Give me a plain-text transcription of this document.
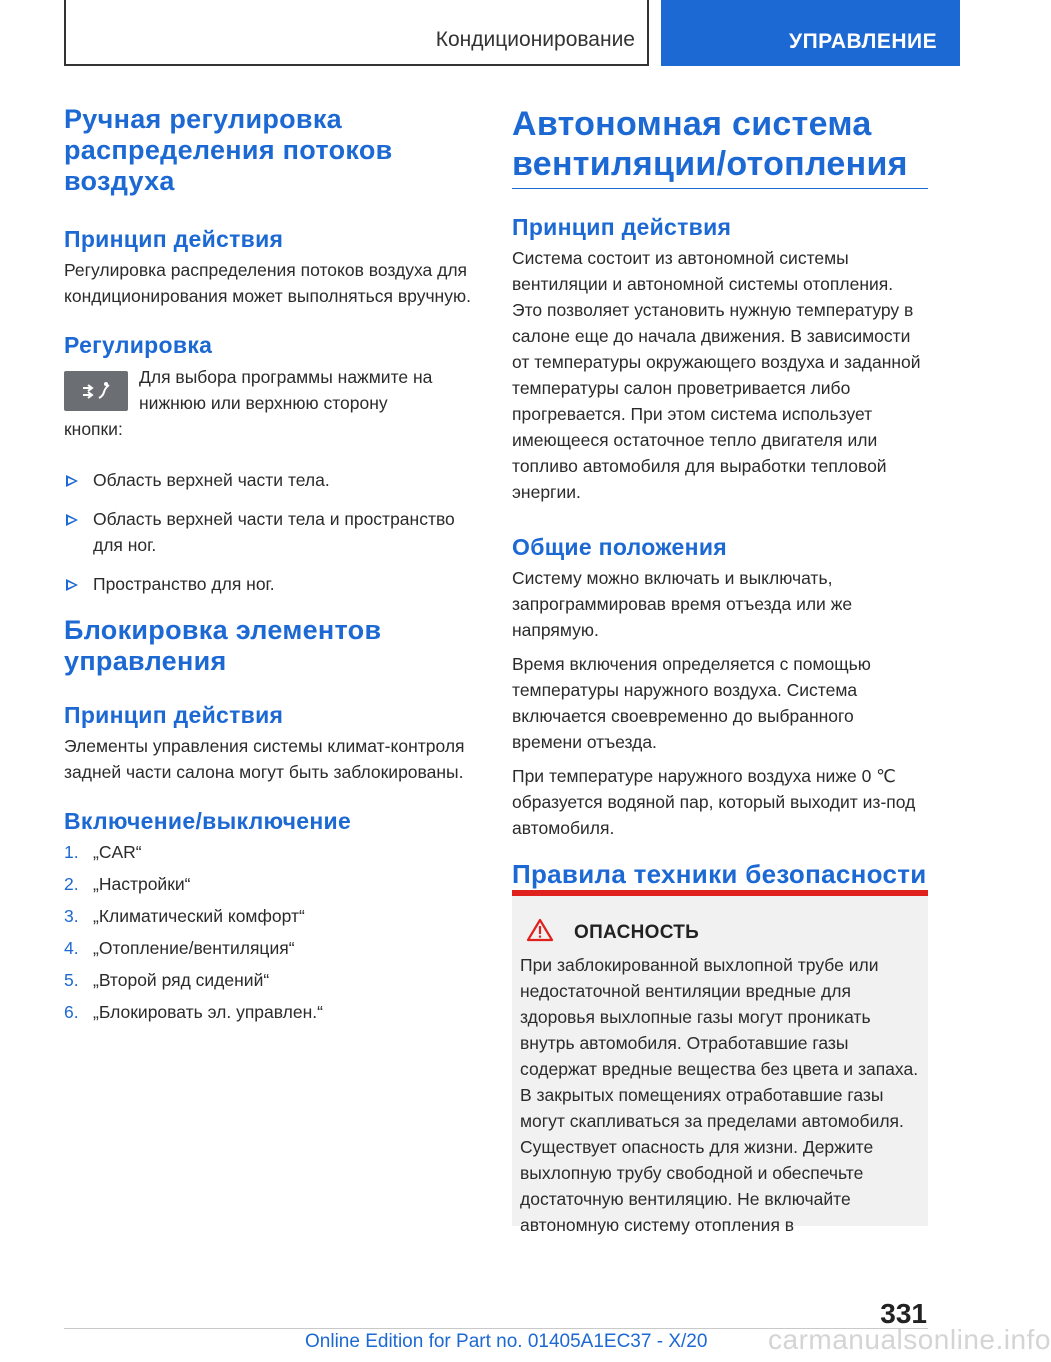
Кондиционирование	УПРАВЛЕНИЕ
Ручная регулировка распределения потоков воздуха
Принцип действия

Регулировка распределения потоков воздуха для кондиционирования может выполняться вручную.

Регулировка

Для выбора программы нажмите на

нижнюю или верхнюю сторону

кнопки:

Область верхней части тела.
Область верхней части тела и пространство для ног.
Пространство для ног.
Блокировка элементов управления
Принцип действия

Элементы управления системы климат-контроля задней части салона могут быть заблокированы.

Включение/выключение
1. „CAR“
2. „Настройки“
3. „Климатический комфорт“
4. „Отопление/вентиляция“
5. „Второй ряд сидений“
6. „Блокировать эл. управлен.“
Автономная система вентиляции/отопления
Принцип действия

Система состоит из автономной системы вентиляции и автономной системы отопления. Это позволяет установить нужную температуру в салоне еще до начала движения. В зависимости от температуры окружающего воздуха и заданной температуры салон проветривается либо прогревается. При этом система использует имеющееся остаточное тепло двигателя или топливо автомобиля для выработки тепловой энергии.

Общие положения

Систему можно включать и выключать, запрограммировав время отъезда или же напрямую.

Время включения определяется с помощью температуры наружного воздуха. Система включается своевременно до выбранного времени отъезда.

При температуре наружного воздуха ниже 0 ℃ образуется водяной пар, который выходит из-под автомобиля.

Правила техники безопасности
ОПАСНОСТЬ

При заблокированной выхлопной трубе или недостаточной вентиляции вредные для здоровья выхлопные газы могут проникать внутрь автомобиля. Отработавшие газы содержат вредные вещества без цвета и запаха. В закрытых помещениях отработавшие газы могут скапливаться за пределами автомобиля. Существует опасность для жизни. Держите выхлопную трубу свободной и обеспечьте достаточную вентиляцию. Не включайте автономную систему отопления в

331
Online Edition for Part no. 01405A1EC37 - X/20 carmanualsonline.info
